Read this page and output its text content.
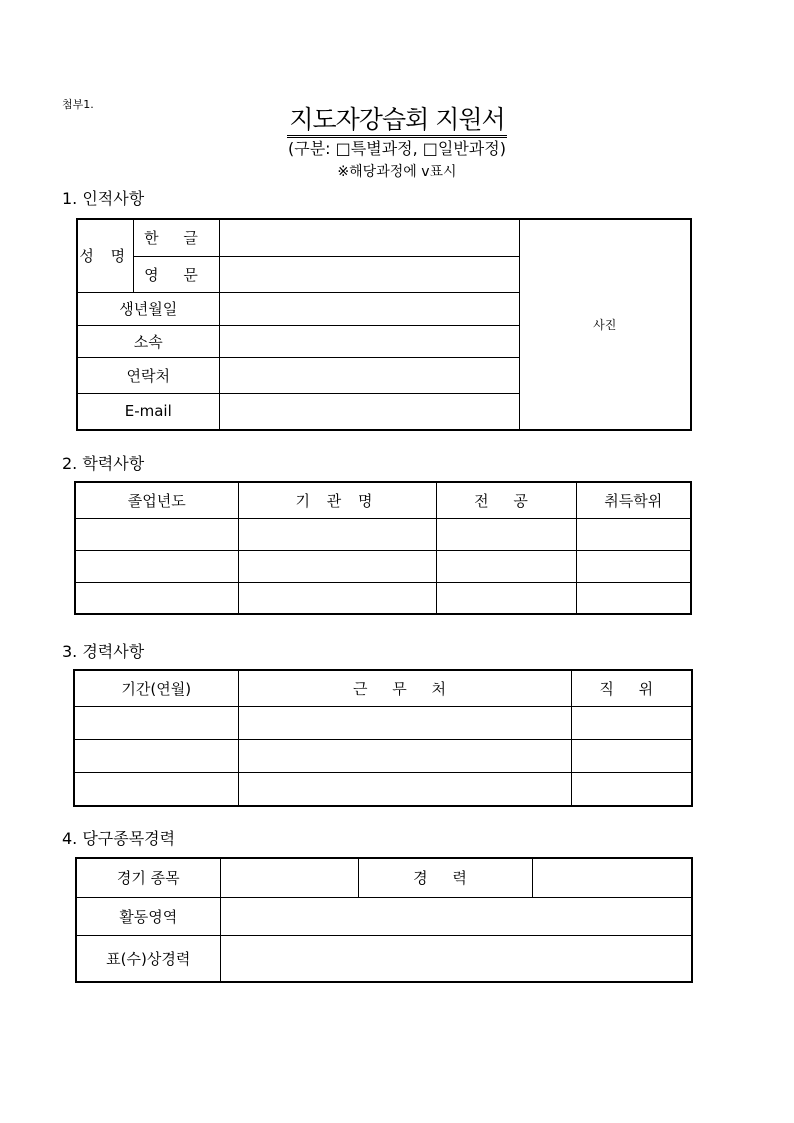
첨부1.
지도자강습회 지원서
(구분: □특별과정, □일반과정)
※해당과정에 v표시
1. 인적사항
성 명	한 글		사진
	영 문		
생년월일			
소속			
연락처			
E-mail			
2. 학력사항
졸업년도	기 관 명	전 공	취득학위

3. 경력사항
기간(연월)	근 무 처	직 위

4. 당구종목경력
경기 종목		경 력	
활동영역			
표(수)상경력			
